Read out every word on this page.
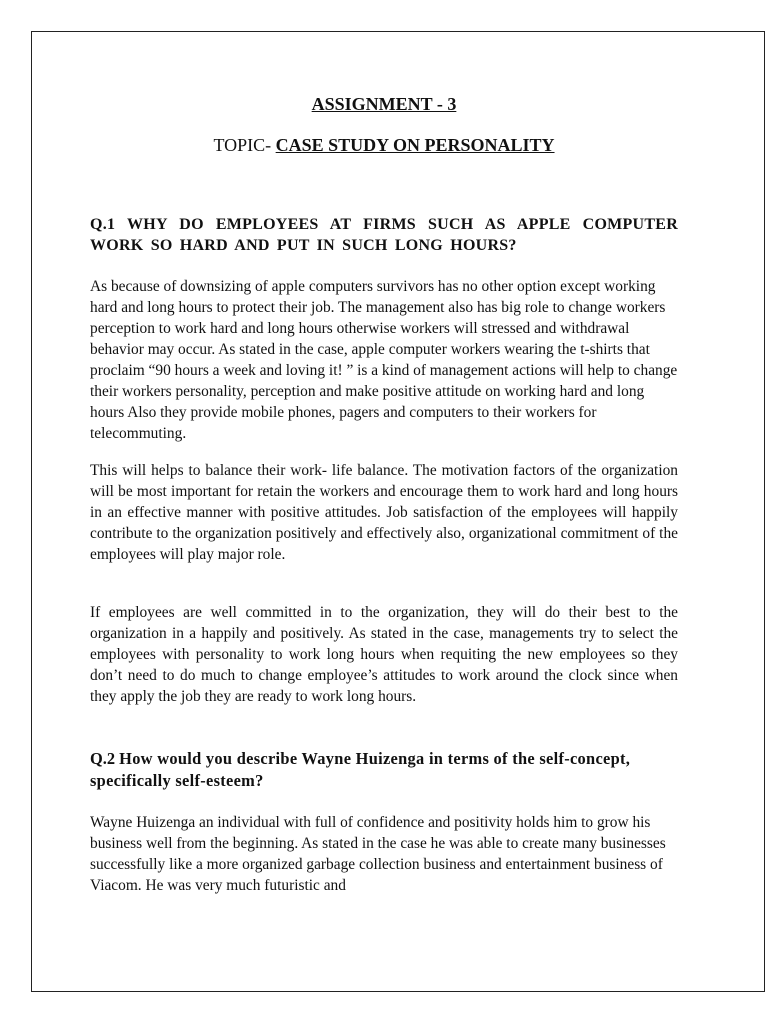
ASSIGNMENT - 3
TOPIC- CASE STUDY ON PERSONALITY
Q.1 WHY DO EMPLOYEES AT FIRMS SUCH AS APPLE COMPUTER WORK SO HARD AND PUT IN SUCH LONG HOURS?

As because of downsizing of apple computers survivors has no other option except working hard and long hours to protect their job. The management also has big role to change workers perception to work hard and long hours otherwise workers will stressed and withdrawal behavior may occur. As stated in the case, apple computer workers wearing the t-shirts that proclaim “90 hours a week and loving it! ” is a kind of management actions will help to change their workers personality, perception and make positive attitude on working hard and long hours Also they provide mobile phones, pagers and computers to their workers for telecommuting.

This will helps to balance their work- life balance. The motivation factors of the organization will be most important for retain the workers and encourage them to work hard and long hours in an effective manner with positive attitudes. Job satisfaction of the employees will happily contribute to the organization positively and effectively also, organizational commitment of the employees will play major role.

If employees are well committed in to the organization, they will do their best to the organization in a happily and positively. As stated in the case, managements try to select the employees with personality to work long hours when requiting the new employees so they don’t need to do much to change employee’s attitudes to work around the clock since when they apply the job they are ready to work long hours.

Q.2 How would you describe Wayne Huizenga in terms of the self-concept, specifically self-esteem?

Wayne Huizenga an individual with full of confidence and positivity holds him to grow his business well from the beginning. As stated in the case he was able to create many businesses successfully like a more organized garbage collection business and entertainment business of Viacom. He was very much futuristic and
